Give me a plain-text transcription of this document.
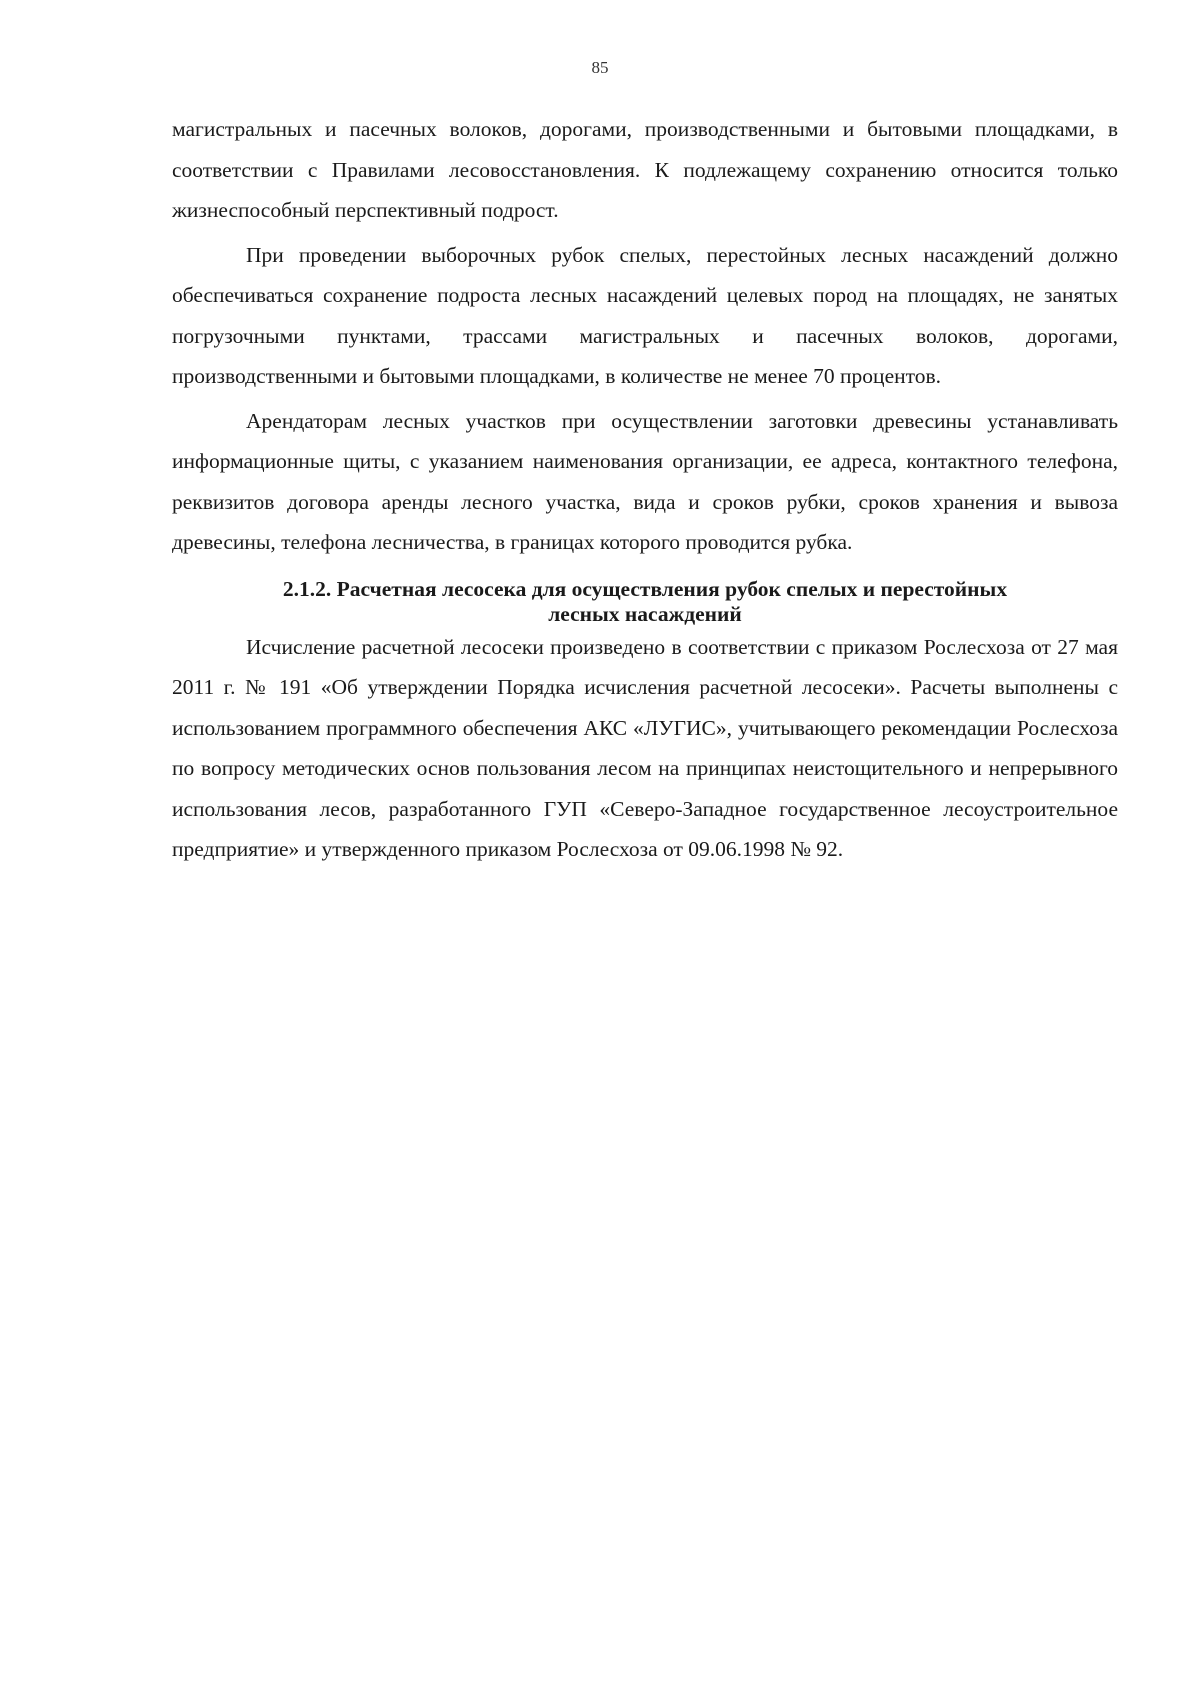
85

магистральных и пасечных волоков, дорогами, производственными и бытовыми площадками, в соответствии с Правилами лесовосстановления. К подлежащему сохранению относится только жизнеспособный перспективный подрост.

При проведении выборочных рубок спелых, перестойных лесных насаждений должно обеспечиваться сохранение подроста лесных насаждений целевых пород на площадях, не занятых погрузочными пунктами, трассами магистральных и пасечных волоков, дорогами, производственными и бытовыми площадками, в количестве не менее 70 процентов.

Арендаторам лесных участков при осуществлении заготовки древесины устанавливать информационные щиты, с указанием наименования организации, ее адреса, контактного телефона, реквизитов договора аренды лесного участка, вида и сроков рубки, сроков хранения и вывоза древесины, телефона лесничества, в границах которого проводится рубка.

2.1.2. Расчетная лесосека для осуществления рубок спелых и перестойных лесных насаждений

Исчисление расчетной лесосеки произведено в соответствии с приказом Рослесхоза от 27 мая 2011 г. № 191 «Об утверждении Порядка исчисления расчетной лесосеки». Расчеты выполнены с использованием программного обеспечения АКС «ЛУГИС», учитывающего рекомендации Рослесхоза по вопросу методических основ пользования лесом на принципах неистощительного и непрерывного использования лесов, разработанного ГУП «Северо-Западное государственное лесоустроительное предприятие» и утвержденного приказом Рослесхоза от 09.06.1998 № 92.
